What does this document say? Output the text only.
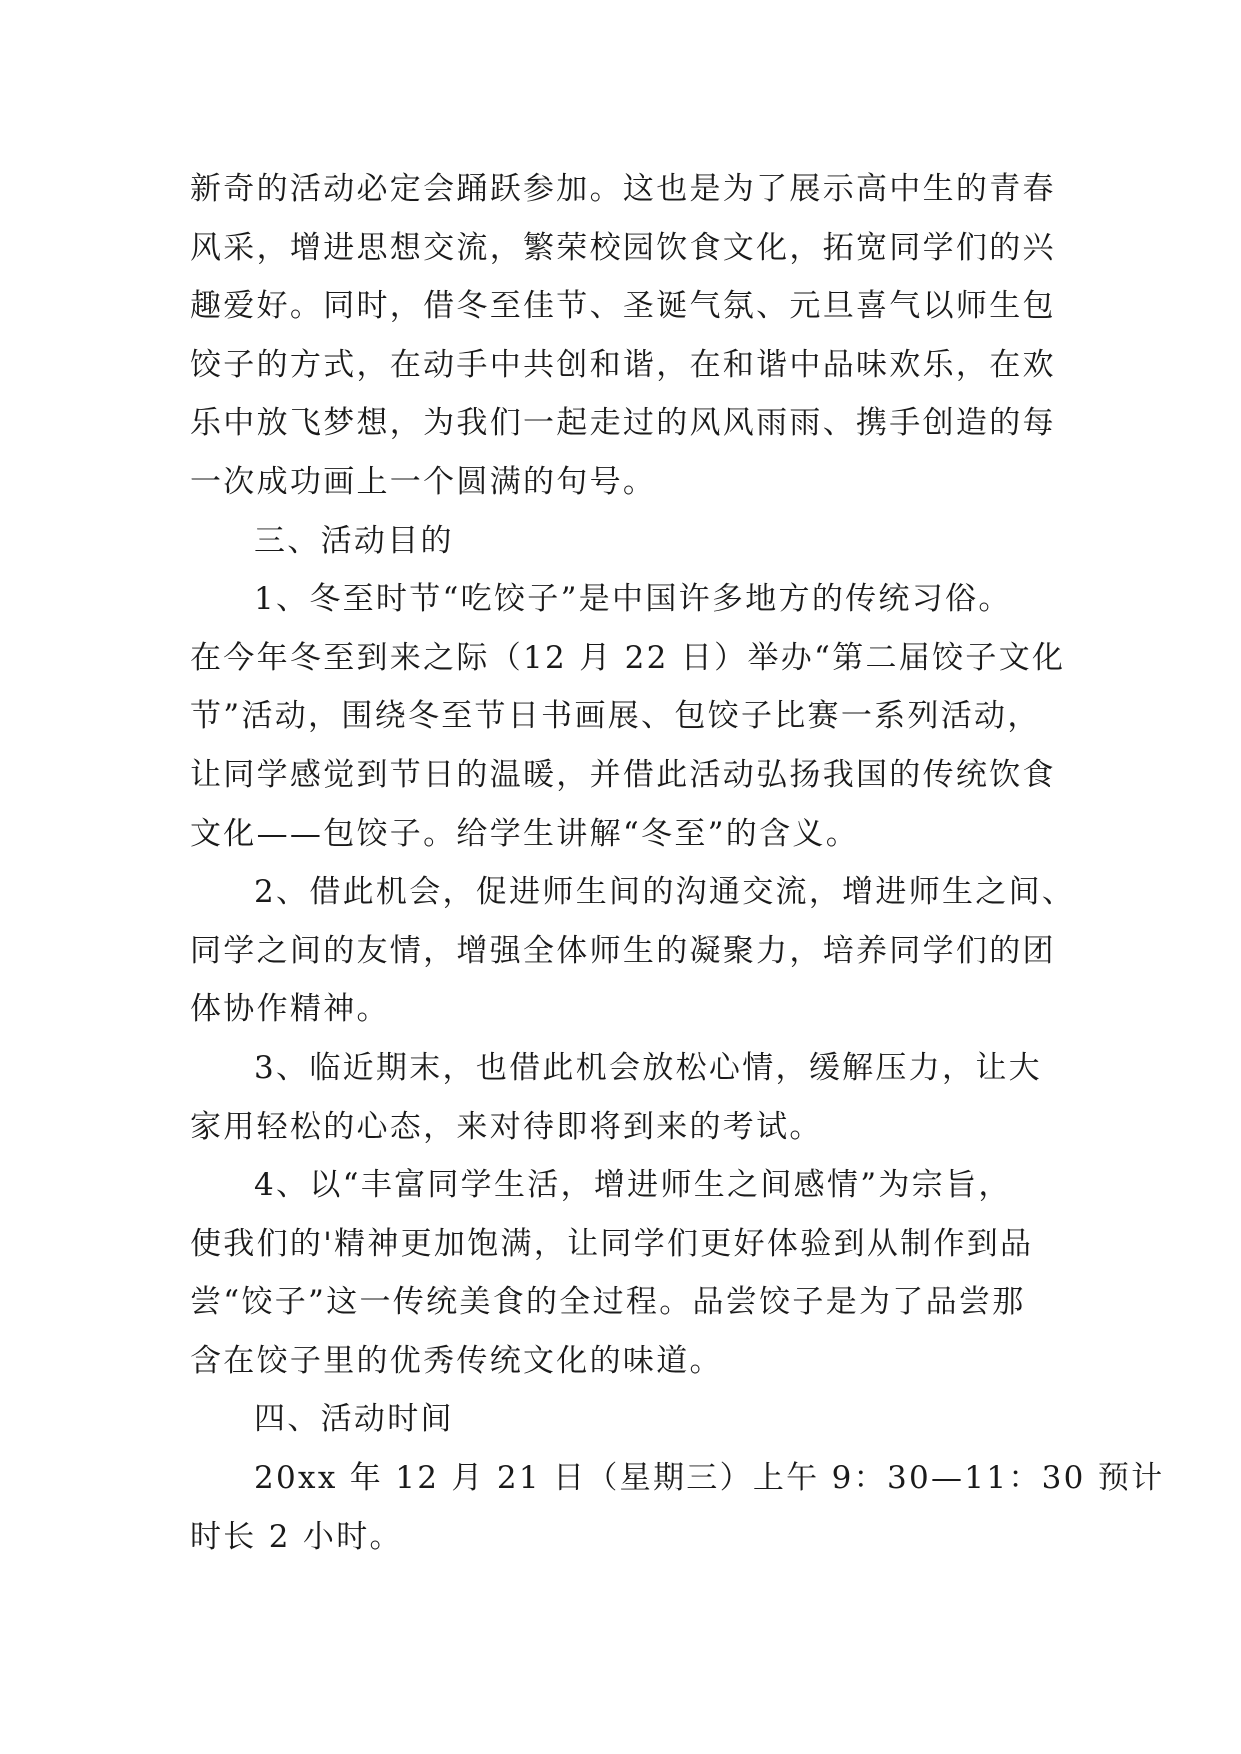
新奇的活动必定会踊跃参加。这也是为了展示高中生的青春
风采，增进思想交流，繁荣校园饮食文化，拓宽同学们的兴
趣爱好。同时，借冬至佳节、圣诞气氛、元旦喜气以师生包
饺子的方式，在动手中共创和谐，在和谐中品味欢乐，在欢
乐中放飞梦想，为我们一起走过的风风雨雨、携手创造的每
一次成功画上一个圆满的句号。
三、活动目的
1、冬至时节“吃饺子”是中国许多地方的传统习俗。
在今年冬至到来之际（12 月 22 日）举办“第二届饺子文化
节”活动，围绕冬至节日书画展、包饺子比赛一系列活动，
让同学感觉到节日的温暖，并借此活动弘扬我国的传统饮食
文化——包饺子。给学生讲解“冬至”的含义。
2、借此机会，促进师生间的沟通交流，增进师生之间、
同学之间的友情，增强全体师生的凝聚力，培养同学们的团
体协作精神。
3、临近期末，也借此机会放松心情，缓解压力，让大
家用轻松的心态，来对待即将到来的考试。
4、以“丰富同学生活，增进师生之间感情”为宗旨，
使我们的'精神更加饱满，让同学们更好体验到从制作到品
尝“饺子”这一传统美食的全过程。品尝饺子是为了品尝那
含在饺子里的优秀传统文化的味道。
四、活动时间
20xx 年 12 月 21 日（星期三）上午 9：30—11：30 预计
时长 2 小时。
